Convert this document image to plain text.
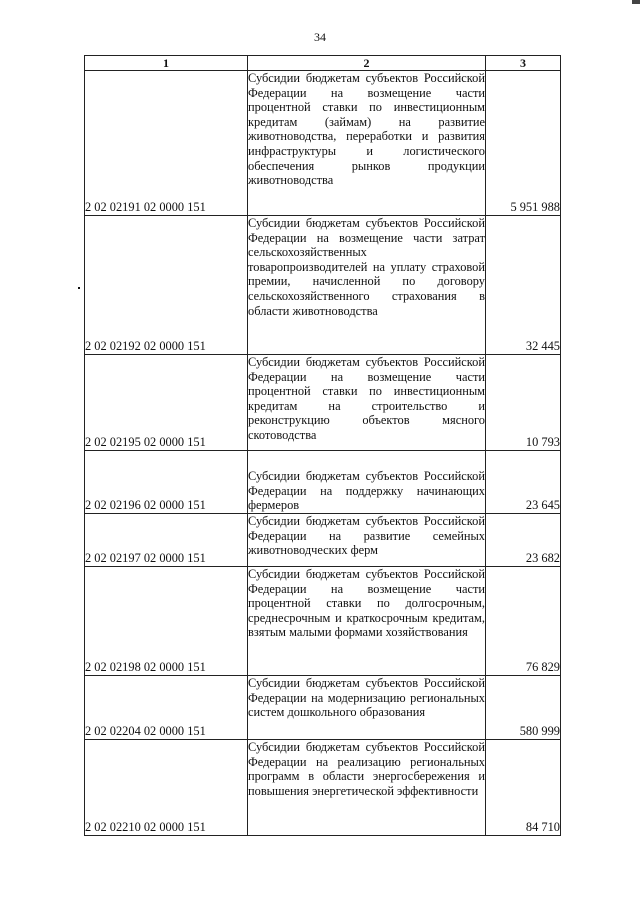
34
1	2	3
2 02 02191 02 0000 151	Субсидии бюджетам субъектов Российской Федерации на возмещение части процентной ставки по инвестиционным кредитам (займам) на развитие животноводства, переработки и развития инфраструктуры и логистического обеспечения рынков продукции животноводства	5 951 988
2 02 02192 02 0000 151	Субсидии бюджетам субъектов Российской Федерации на возмещение части затрат сельскохозяйственных товаропроизводителей на уплату страховой премии, начисленной по договору сельскохозяйственного страхования в области животноводства	32 445
2 02 02195 02 0000 151	Субсидии бюджетам субъектов Российской Федерации на возмещение части процентной ставки по инвестиционным кредитам на строительство и реконструкцию объектов мясного скотоводства	10 793
2 02 02196 02 0000 151	Субсидии бюджетам субъектов Российской Федерации на поддержку начинающих фермеров	23 645
2 02 02197 02 0000 151	Субсидии бюджетам субъектов Российской Федерации на развитие семейных животноводческих ферм	23 682
2 02 02198 02 0000 151	Субсидии бюджетам субъектов Российской Федерации на возмещение части процентной ставки по долгосрочным, среднесрочным и краткосрочным кредитам, взятым малыми формами хозяйствования	76 829
2 02 02204 02 0000 151	Субсидии бюджетам субъектов Российской Федерации на модернизацию региональных систем дошкольного образования	580 999
2 02 02210 02 0000 151	Субсидии бюджетам субъектов Российской Федерации на реализацию региональных программ в области энергосбережения и повышения энергетической эффективности	84 710
